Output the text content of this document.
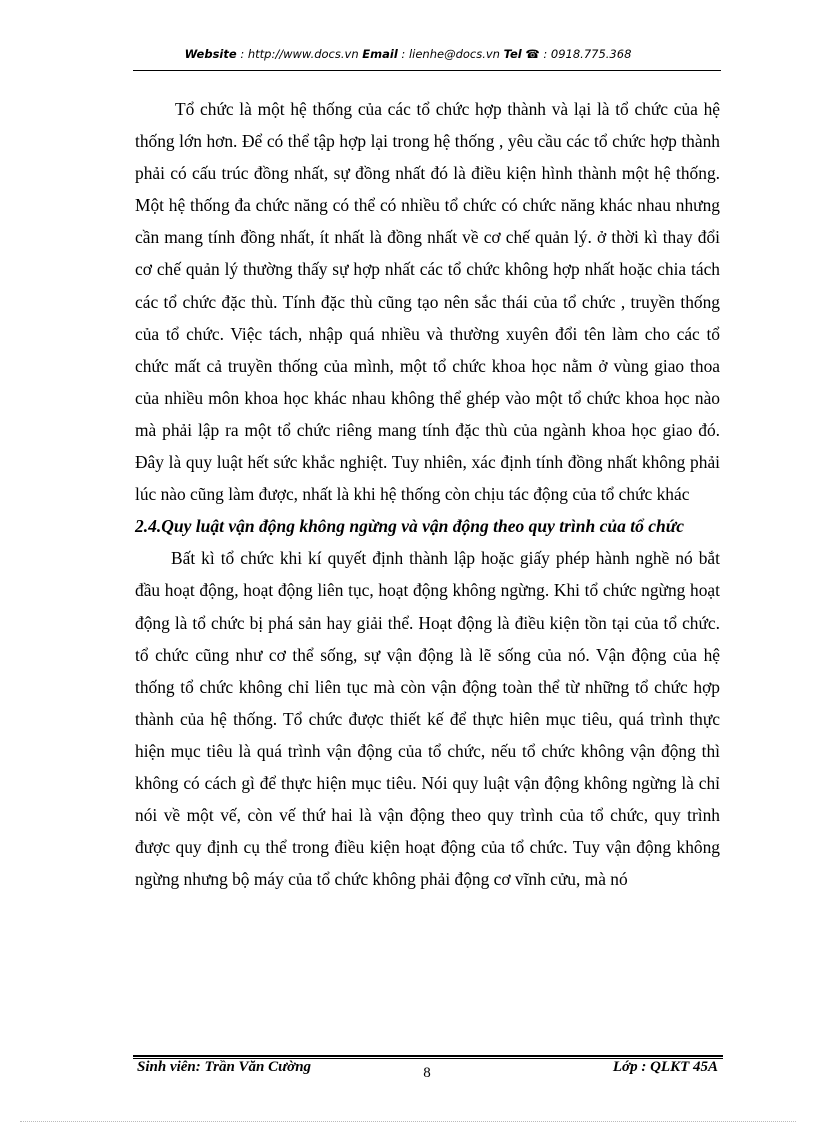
Website : http://www.docs.vn Email : lienhe@docs.vn Tel ☎ : 0918.775.368

Tổ chức là một hệ thống của các tổ chức hợp thành và lại là tổ chức của hệ thống lớn hơn. Để có thể tập hợp lại trong hệ thống , yêu cầu các tổ chức hợp thành phải có cấu trúc đồng nhất, sự đồng nhất đó là điều kiện hình thành một hệ thống. Một hệ thống đa chức năng có thể có nhiều tổ chức có chức năng khác nhau nhưng cần mang tính đồng nhất, ít nhất là đồng nhất về cơ chế quản lý. ở thời kì thay đổi cơ chế quản lý thường thấy sự hợp nhất các tổ chức không hợp nhất hoặc chia tách các tổ chức đặc thù. Tính đặc thù cũng tạo nên sắc thái của tổ chức , truyền thống của tổ chức. Việc tách, nhập quá nhiều và thường xuyên đổi tên làm cho các tổ chức mất cả truyền thống của mình, một tổ chức khoa học nằm ở vùng giao thoa của nhiều môn khoa học khác nhau không thể ghép vào một tổ chức khoa học nào mà phải lập ra một tổ chức riêng mang tính đặc thù của ngành khoa học giao đó. Đây là quy luật hết sức khắc nghiệt. Tuy nhiên, xác định tính đồng nhất không phải lúc nào cũng làm được, nhất là khi hệ thống còn chịu tác động của tổ chức khác

2.4.Quy luật vận động không ngừng và vận động theo quy trình của tổ chức

Bất kì tổ chức khi kí quyết định thành lập hoặc giấy phép hành nghề nó bắt đầu hoạt động, hoạt động liên tục, hoạt động không ngừng. Khi tổ chức ngừng hoạt động là tổ chức bị phá sản hay giải thể. Hoạt động là điều kiện tồn tại của tổ chức. tổ chức cũng như cơ thể sống, sự vận động là lẽ sống của nó. Vận động của hệ thống tổ chức không chỉ liên tục mà còn vận động toàn thể từ những tổ chức hợp thành của hệ thống. Tổ chức được thiết kế để thực hiên mục tiêu, quá trình thực hiện mục tiêu là quá trình vận động của tổ chức, nếu tổ chức không vận động thì không có cách gì để thực hiện mục tiêu. Nói quy luật vận động không ngừng là chỉ nói về một vế, còn vế thứ hai là vận động theo quy trình của tổ chức, quy trình được quy định cụ thể trong điều kiện hoạt động của tổ chức. Tuy vận động không ngừng nhưng bộ máy của tổ chức không phải động cơ vĩnh cửu, mà nó

Sinh viên: Trần Văn Cường	8	Lớp : QLKT 45A
